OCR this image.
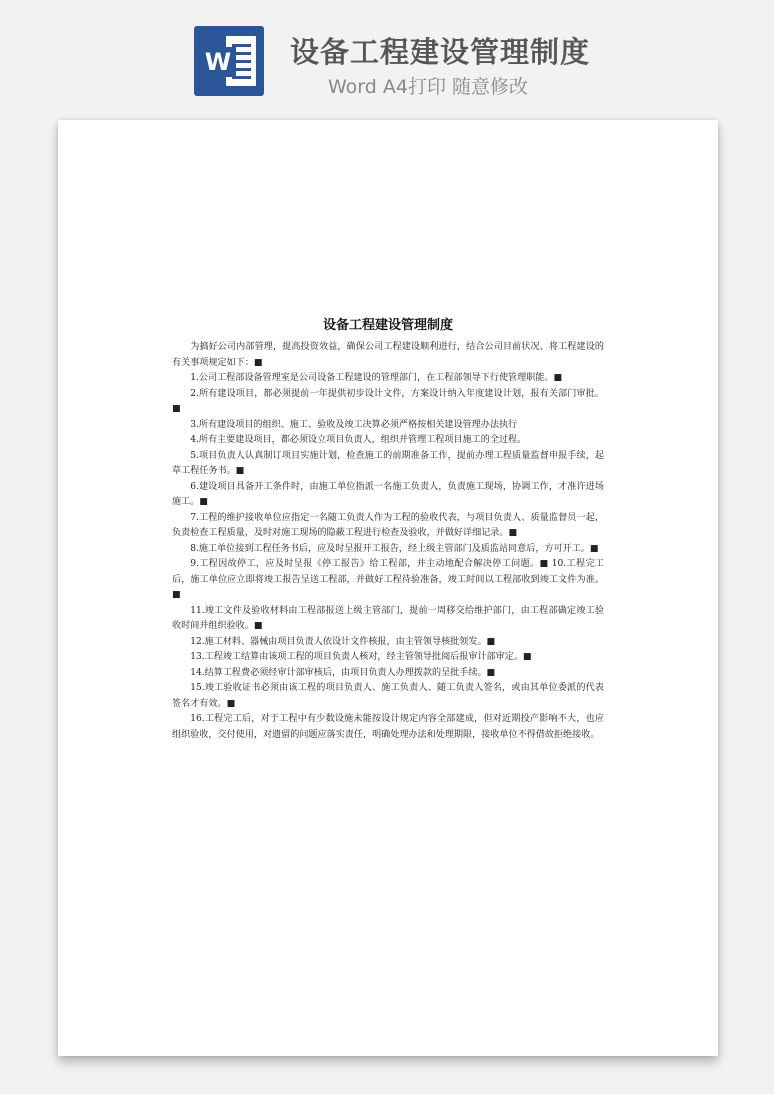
W 设备工程建设管理制度
Word A4打印 随意修改
设备工程建设管理制度

为搞好公司内部管理，提高投资效益，确保公司工程建设顺利进行，结合公司目前状况、将工程建设的有关事项规定如下：■

1.公司工程部设备管理室是公司设备工程建设的管理部门，在工程部领导下行使管理职能。■

2.所有建设项目，都必须提前一年提供初步设计文件，方案设计纳入年度建设计划，报有关部门审批。■

3.所有建设项目的组织、施工、验收及竣工决算必须严格按相关建设管理办法执行

4.所有主要建设项目，都必须设立项目负责人，组织并管理工程项目施工的全过程。

5.项目负责人认真制订项目实施计划，检查施工的前期准备工作，提前办理工程质量监督申报手续，起草工程任务书。■

6.建设项目具备开工条件时，由施工单位指派一名施工负责人，负责施工现场，协调工作，才准许进场施工。■

7.工程的维护接收单位应指定一名随工负责人作为工程的验收代表，与项目负责人、质量监督员一起，负责检查工程质量，及时对施工现场的隐蔽工程进行检查及验收，并做好详细记录。■

8.施工单位接到工程任务书后，应及时呈报开工报告，经上级主管部门及质监站同意后，方可开工。■

9.工程因故停工，应及时呈报《停工报告》给工程部，并主动地配合解决停工问题。■ 10.工程完工后，施工单位应立即将竣工报告呈送工程部，并做好工程待验准备，竣工时间以工程部收到竣工文件为准。■

11.竣工文件及验收材料由工程部报送上级主管部门，提前一周移交给维护部门，由工程部确定竣工验收时间并组织验收。■

12.施工材料、器械由项目负责人依设计文件核报，由主管领导核批领发。■

13.工程竣工结算由该项工程的项目负责人核对，经主管领导批阅后报审计部审定。■

14.结算工程费必须经审计部审核后，由项目负责人办理拨款的呈批手续。■

15.竣工验收证书必须由该工程的项目负责人、施工负责人、随工负责人签名，或由其单位委派的代表签名才有效。■

16.工程完工后，对于工程中有少数设施未能按设计规定内容全部建成，但对近期投产影响不大，也应组织验收，交付使用，对遗留的问题应落实责任，明确处理办法和处理期限，接收单位不得借故拒绝接收。
